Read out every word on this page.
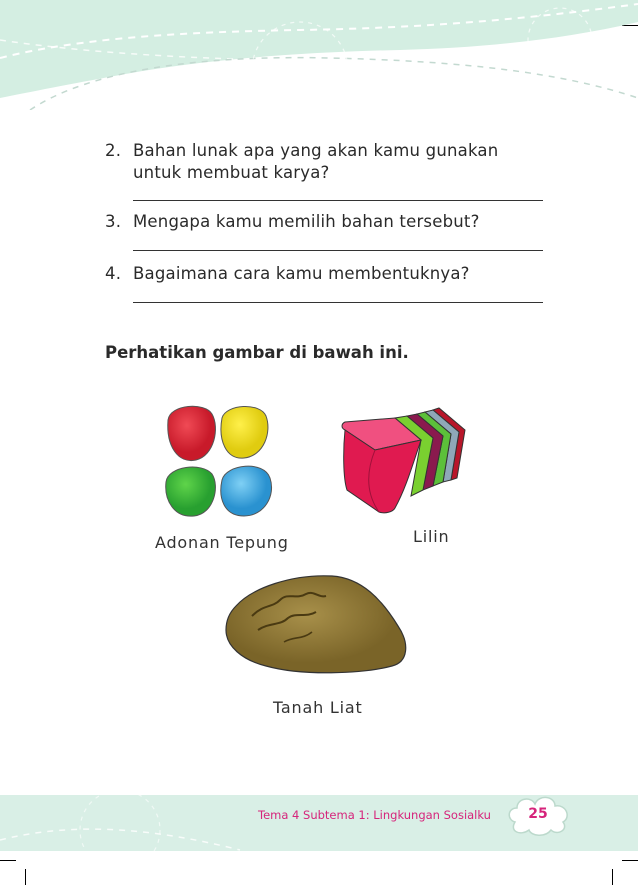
2. Bahan lunak apa yang akan kamu gunakan
untuk membuat karya?
3. Mengapa kamu memilih bahan tersebut?
4. Bagaimana cara kamu membentuknya?
Perhatikan gambar di bawah ini.
Adonan Tepung	Lilin
Tanah Liat
Tema 4 Subtema 1: Lingkungan Sosialku	25
